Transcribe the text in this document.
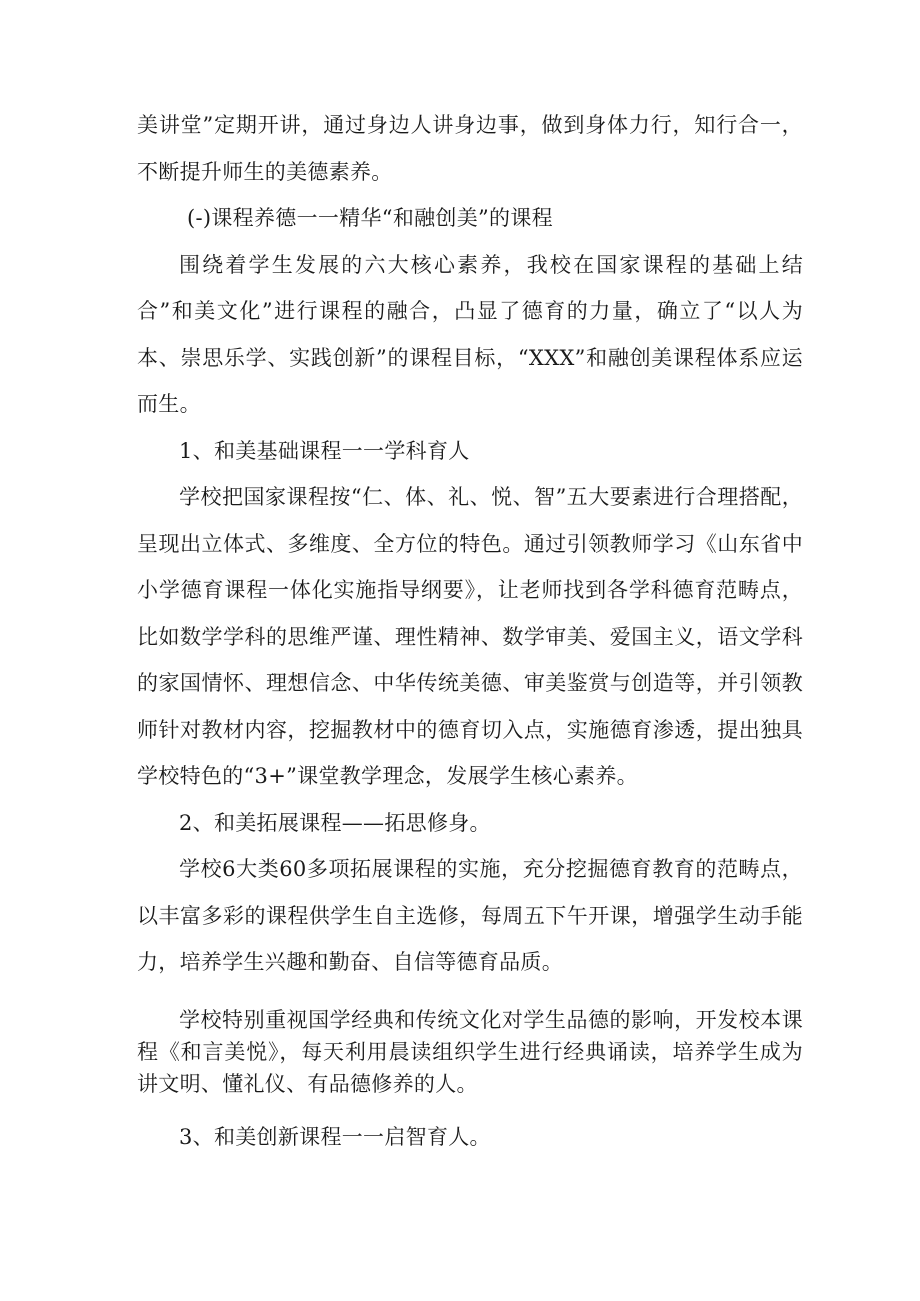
美讲堂”定期开讲，通过身边人讲身边事，做到身体力行，知行合一，不断提升师生的美德素养。

(-)课程养德一一精华“和融创美”的课程

围绕着学生发展的六大核心素养，我校在国家课程的基础上结合”和美文化”进行课程的融合，凸显了德育的力量，确立了“以人为本、崇思乐学、实践创新”的课程目标，“XXX”和融创美课程体系应运而生。

1、和美基础课程一一学科育人

学校把国家课程按“仁、体、礼、悦、智”五大要素进行合理搭配，呈现出立体式、多维度、全方位的特色。通过引领教师学习《山东省中小学德育课程一体化实施指导纲要》，让老师找到各学科德育范畴点，比如数学学科的思维严谨、理性精神、数学审美、爱国主义，语文学科的家国情怀、理想信念、中华传统美德、审美鉴赏与创造等，并引领教师针对教材内容，挖掘教材中的德育切入点，实施德育渗透，提出独具学校特色的“3+”课堂教学理念，发展学生核心素养。

2、和美拓展课程——拓思修身。

学校6大类60多项拓展课程的实施，充分挖掘德育教育的范畴点，以丰富多彩的课程供学生自主选修，每周五下午开课，增强学生动手能力，培养学生兴趣和勤奋、自信等德育品质。

学校特别重视国学经典和传统文化对学生品德的影响，开发校本课程《和言美悦》，每天利用晨读组织学生进行经典诵读，培养学生成为讲文明、懂礼仪、有品德修养的人。

3、和美创新课程一一启智育人。
